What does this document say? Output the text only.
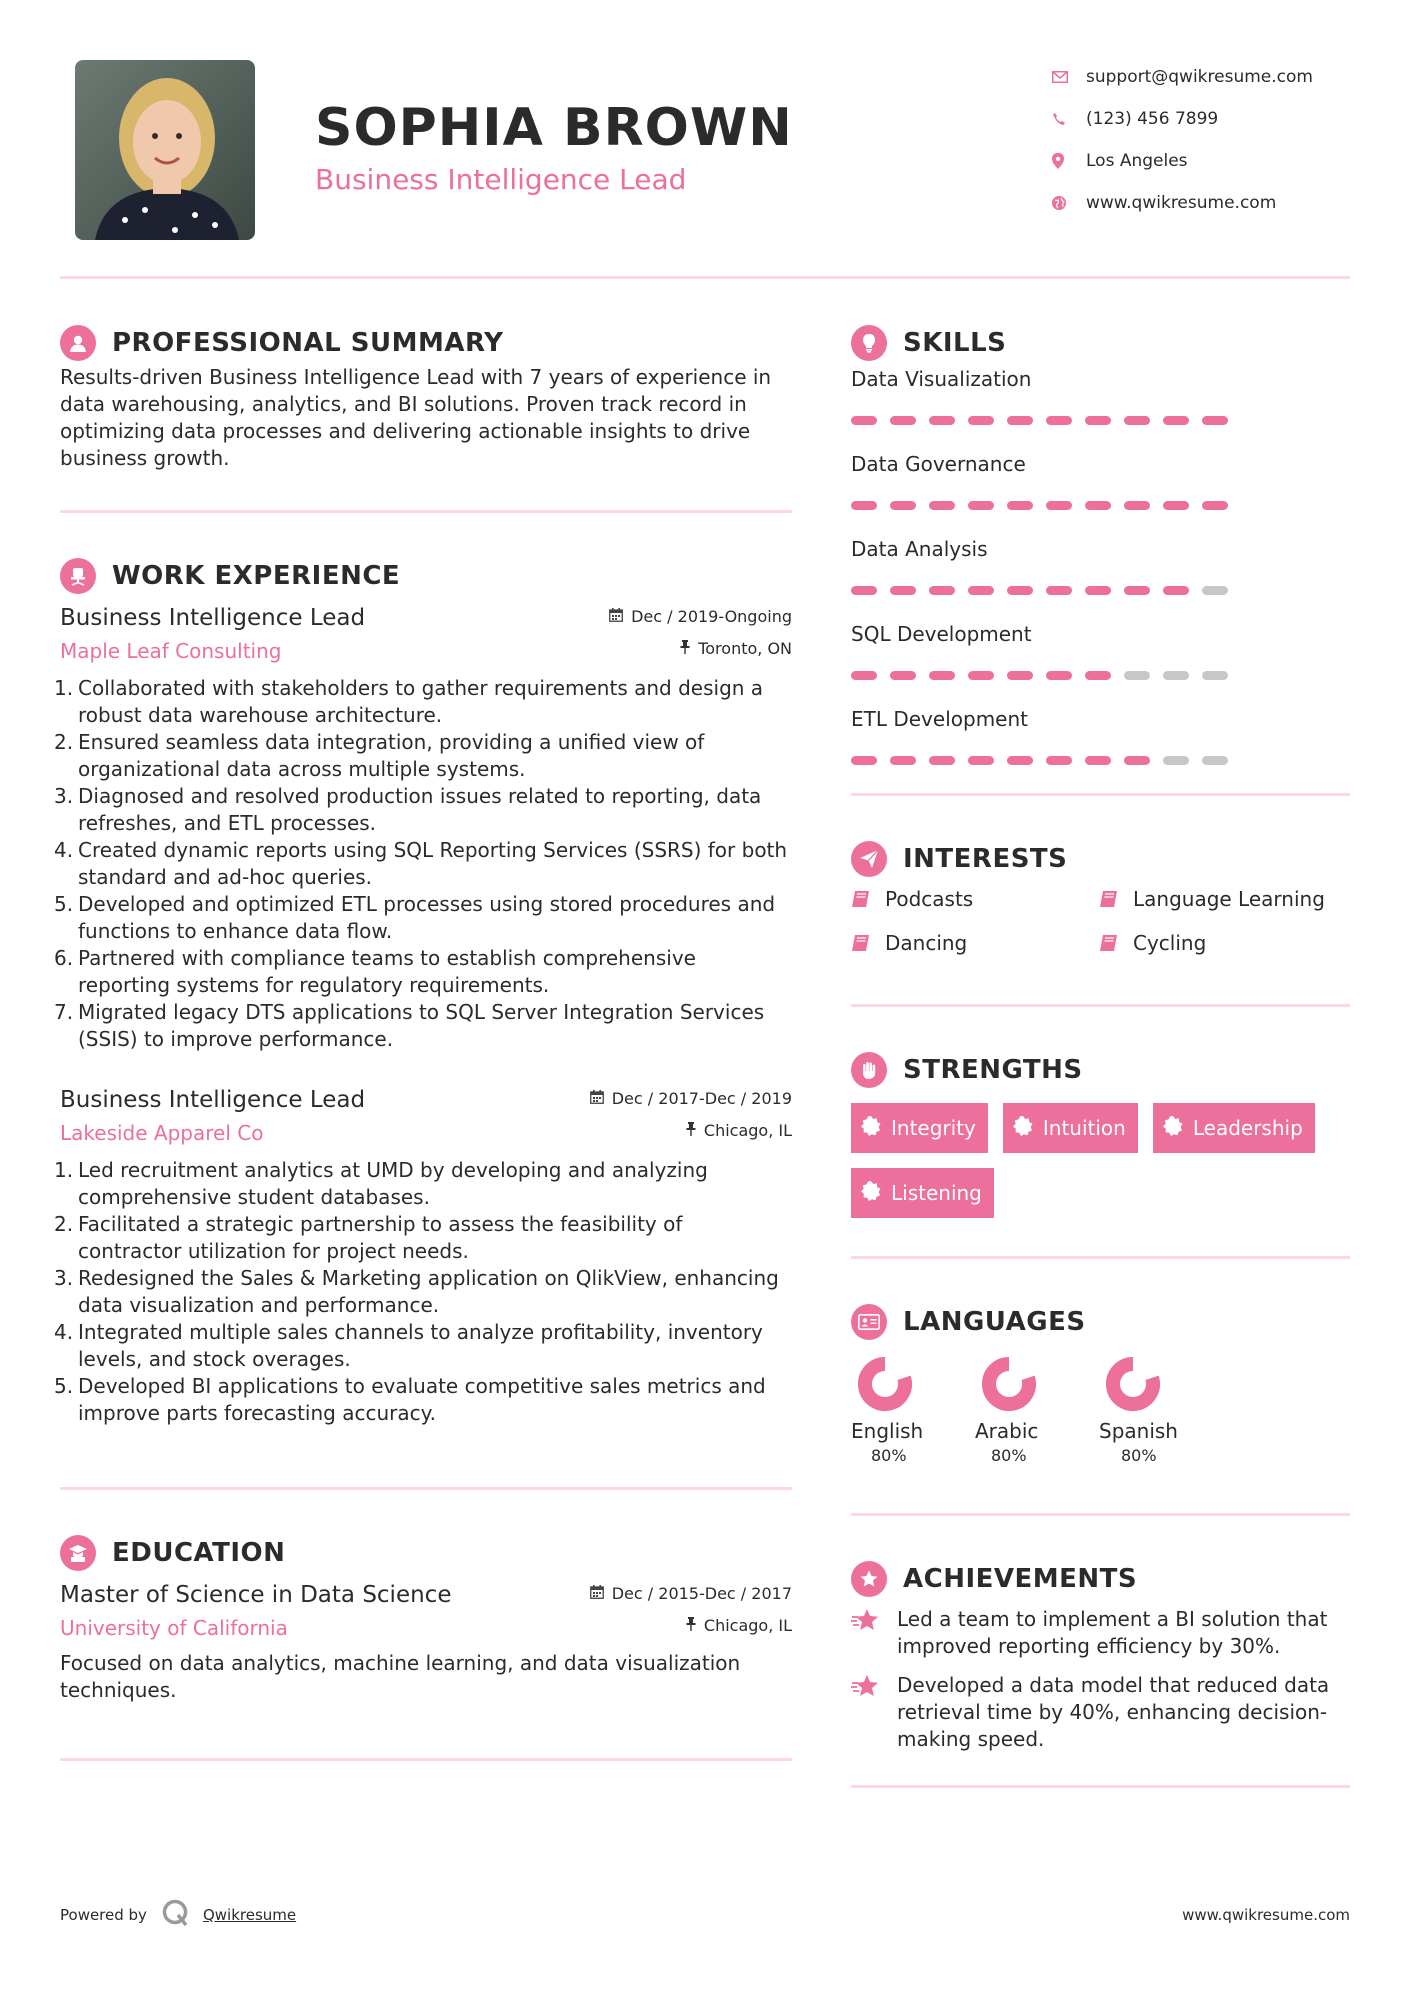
SOPHIA BROWN
Business Intelligence Lead
support@qwikresume.com
(123) 456 7899
Los Angeles
www.qwikresume.com
PROFESSIONAL SUMMARY
Results-driven Business Intelligence Lead with 7 years of experience in data warehousing, analytics, and BI solutions. Proven track record in optimizing data processes and delivering actionable insights to drive business growth.
WORK EXPERIENCE
Business Intelligence Lead
Maple Leaf Consulting
Dec / 2019-Ongoing
Toronto, ON
1. Collaborated with stakeholders to gather requirements and design a robust data warehouse architecture.
2. Ensured seamless data integration, providing a unified view of organizational data across multiple systems.
3. Diagnosed and resolved production issues related to reporting, data refreshes, and ETL processes.
4. Created dynamic reports using SQL Reporting Services (SSRS) for both standard and ad-hoc queries.
5. Developed and optimized ETL processes using stored procedures and functions to enhance data flow.
6. Partnered with compliance teams to establish comprehensive reporting systems for regulatory requirements.
7. Migrated legacy DTS applications to SQL Server Integration Services (SSIS) to improve performance.
Business Intelligence Lead
Lakeside Apparel Co
Dec / 2017-Dec / 2019
Chicago, IL
1. Led recruitment analytics at UMD by developing and analyzing comprehensive student databases.
2. Facilitated a strategic partnership to assess the feasibility of contractor utilization for project needs.
3. Redesigned the Sales & Marketing application on QlikView, enhancing data visualization and performance.
4. Integrated multiple sales channels to analyze profitability, inventory levels, and stock overages.
5. Developed BI applications to evaluate competitive sales metrics and improve parts forecasting accuracy.
EDUCATION
Master of Science in Data Science
University of California
Dec / 2015-Dec / 2017
Chicago, IL
Focused on data analytics, machine learning, and data visualization techniques.
SKILLS
Data Visualization
Data Governance
Data Analysis
SQL Development
ETL Development
INTERESTS
Podcasts	Language Learning
Dancing	Cycling
STRENGTHS
Integrity	Intuition	Leadership
Listening
LANGUAGES
English
80%
Arabic
80%
Spanish
80%
ACHIEVEMENTS
Led a team to implement a BI solution that improved reporting efficiency by 30%.
Developed a data model that reduced data retrieval time by 40%, enhancing decision-making speed.
Powered by	Qwikresume	www.qwikresume.com
